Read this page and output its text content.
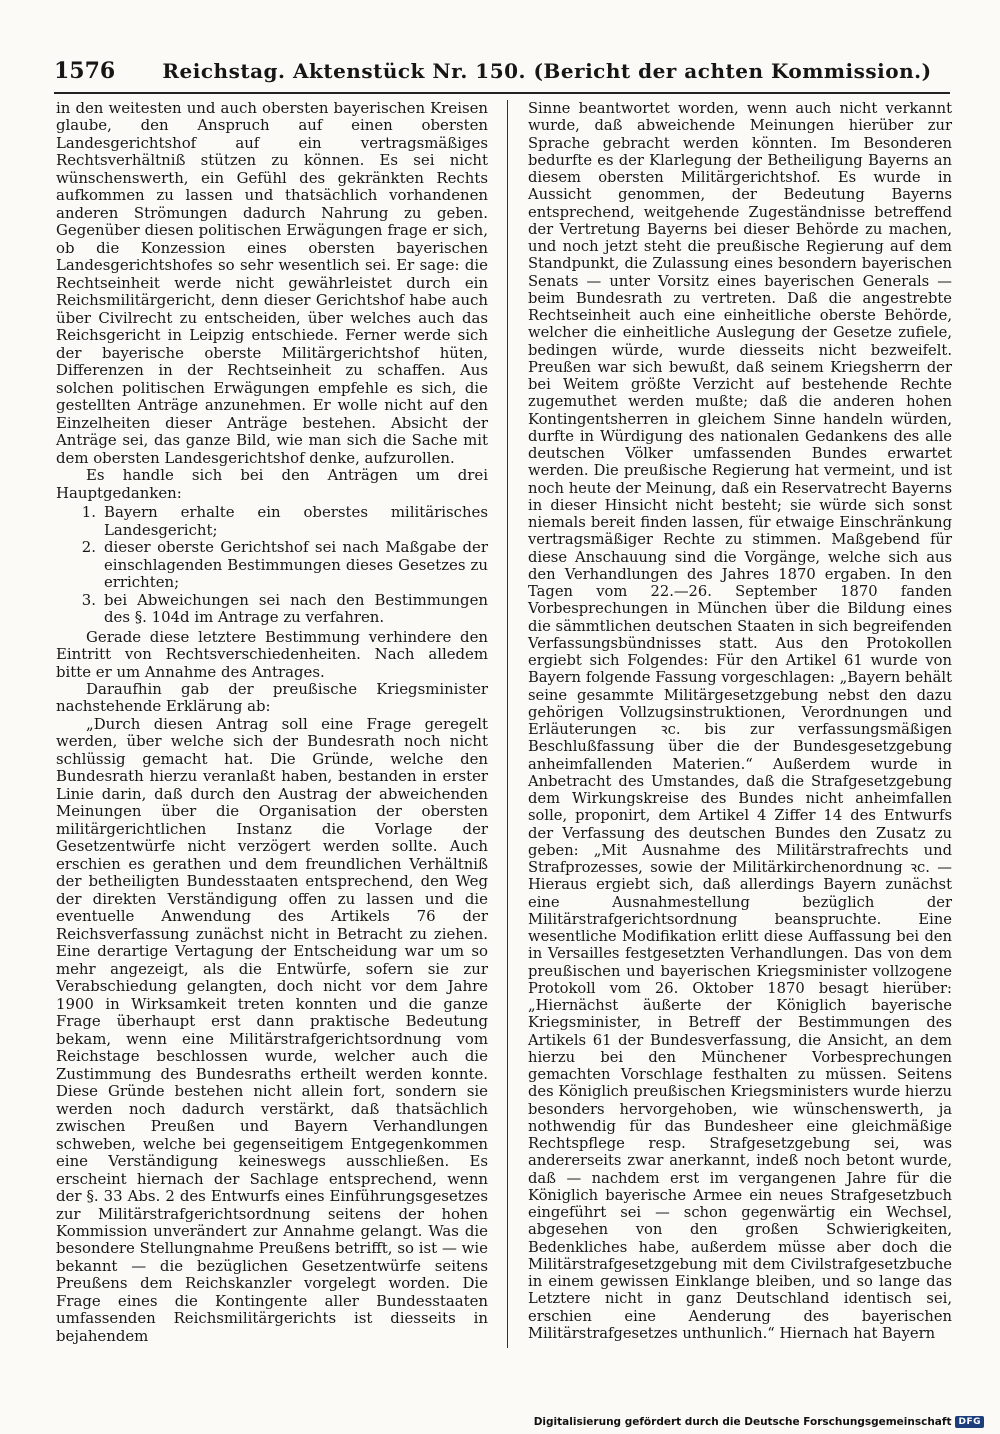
1576	Reichstag. Aktenstück Nr. 150. (Bericht der achten Kommission.)

in den weitesten und auch obersten bayerischen Kreisen glaube, den Anspruch auf einen obersten Landesgerichtshof auf ein vertragsmäßiges Rechtsverhältniß stützen zu können. Es sei nicht wünschenswerth, ein Gefühl des gekränkten Rechts aufkommen zu lassen und thatsächlich vorhandenen anderen Strömungen dadurch Nahrung zu geben. Gegenüber diesen politischen Erwägungen frage er sich, ob die Konzession eines obersten bayerischen Landesgerichtshofes so sehr wesentlich sei. Er sage: die Rechtseinheit werde nicht gewährleistet durch ein Reichsmilitärgericht, denn dieser Gerichtshof habe auch über Civilrecht zu entscheiden, über welches auch das Reichsgericht in Leipzig entschiede. Ferner werde sich der bayerische oberste Militärgerichtshof hüten, Differenzen in der Rechtseinheit zu schaffen. Aus solchen politischen Erwägungen empfehle es sich, die gestellten Anträge anzunehmen. Er wolle nicht auf den Einzelheiten dieser Anträge bestehen. Absicht der Anträge sei, das ganze Bild, wie man sich die Sache mit dem obersten Landesgerichtshof denke, aufzurollen.

Es handle sich bei den Anträgen um drei Hauptgedanken:

1. Bayern erhalte ein oberstes militärisches Landesgericht;
2. dieser oberste Gerichtshof sei nach Maßgabe der einschlagenden Bestimmungen dieses Gesetzes zu errichten;
3. bei Abweichungen sei nach den Bestimmungen des §. 104d im Antrage zu verfahren.

Gerade diese letztere Bestimmung verhindere den Eintritt von Rechtsverschiedenheiten. Nach alledem bitte er um Annahme des Antrages.

Daraufhin gab der preußische Kriegsminister nachstehende Erklärung ab:

„Durch diesen Antrag soll eine Frage geregelt werden, über welche sich der Bundesrath noch nicht schlüssig gemacht hat. Die Gründe, welche den Bundesrath hierzu veranlaßt haben, bestanden in erster Linie darin, daß durch den Austrag der abweichenden Meinungen über die Organisation der obersten militärgerichtlichen Instanz die Vorlage der Gesetzentwürfe nicht verzögert werden sollte. Auch erschien es gerathen und dem freundlichen Verhältniß der betheiligten Bundesstaaten entsprechend, den Weg der direkten Verständigung offen zu lassen und die eventuelle Anwendung des Artikels 76 der Reichsverfassung zunächst nicht in Betracht zu ziehen. Eine derartige Vertagung der Entscheidung war um so mehr angezeigt, als die Entwürfe, sofern sie zur Verabschiedung gelangten, doch nicht vor dem Jahre 1900 in Wirksamkeit treten konnten und die ganze Frage überhaupt erst dann praktische Bedeutung bekam, wenn eine Militärstrafgerichtsordnung vom Reichstage beschlossen wurde, welcher auch die Zustimmung des Bundesraths ertheilt werden konnte. Diese Gründe bestehen nicht allein fort, sondern sie werden noch dadurch verstärkt, daß thatsächlich zwischen Preußen und Bayern Verhandlungen schweben, welche bei gegenseitigem Entgegenkommen eine Verständigung keineswegs ausschließen. Es erscheint hiernach der Sachlage entsprechend, wenn der §. 33 Abs. 2 des Entwurfs eines Einführungsgesetzes zur Militärstrafgerichtsordnung seitens der hohen Kommission unverändert zur Annahme gelangt. Was die besondere Stellungnahme Preußens betrifft, so ist — wie bekannt — die bezüglichen Gesetzentwürfe seitens Preußens dem Reichskanzler vorgelegt worden. Die Frage eines die Kontingente aller Bundesstaaten umfassenden Reichsmilitärgerichts ist diesseits in bejahendem

Sinne beantwortet worden, wenn auch nicht verkannt wurde, daß abweichende Meinungen hierüber zur Sprache gebracht werden könnten. Im Besonderen bedurfte es der Klarlegung der Betheiligung Bayerns an diesem obersten Militärgerichtshof. Es wurde in Aussicht genommen, der Bedeutung Bayerns entsprechend, weitgehende Zugeständnisse betreffend der Vertretung Bayerns bei dieser Behörde zu machen, und noch jetzt steht die preußische Regierung auf dem Standpunkt, die Zulassung eines besondern bayerischen Senats — unter Vorsitz eines bayerischen Generals — beim Bundesrath zu vertreten. Daß die angestrebte Rechtseinheit auch eine einheitliche oberste Behörde, welcher die einheitliche Auslegung der Gesetze zufiele, bedingen würde, wurde diesseits nicht bezweifelt. Preußen war sich bewußt, daß seinem Kriegsherrn der bei Weitem größte Verzicht auf bestehende Rechte zugemuthet werden mußte; daß die anderen hohen Kontingentsherren in gleichem Sinne handeln würden, durfte in Würdigung des nationalen Gedankens des alle deutschen Völker umfassenden Bundes erwartet werden. Die preußische Regierung hat vermeint, und ist noch heute der Meinung, daß ein Reservatrecht Bayerns in dieser Hinsicht nicht besteht; sie würde sich sonst niemals bereit finden lassen, für etwaige Einschränkung vertragsmäßiger Rechte zu stimmen. Maßgebend für diese Anschauung sind die Vorgänge, welche sich aus den Verhandlungen des Jahres 1870 ergaben. In den Tagen vom 22.—26. September 1870 fanden Vorbesprechungen in München über die Bildung eines die sämmtlichen deutschen Staaten in sich begreifenden Verfassungsbündnisses statt. Aus den Protokollen ergiebt sich Folgendes: Für den Artikel 61 wurde von Bayern folgende Fassung vorgeschlagen: „Bayern behält seine gesammte Militärgesetzgebung nebst den dazu gehörigen Vollzugsinstruktionen, Verordnungen und Erläuterungen ꝛc. bis zur verfassungsmäßigen Beschlußfassung über die der Bundesgesetzgebung anheimfallenden Materien.“ Außerdem wurde in Anbetracht des Umstandes, daß die Strafgesetzgebung dem Wirkungskreise des Bundes nicht anheimfallen solle, proponirt, dem Artikel 4 Ziffer 14 des Entwurfs der Verfassung des deutschen Bundes den Zusatz zu geben: „Mit Ausnahme des Militärstrafrechts und Strafprozesses, sowie der Militärkirchenordnung ꝛc. — Hieraus ergiebt sich, daß allerdings Bayern zunächst eine Ausnahmestellung bezüglich der Militärstrafgerichtsordnung beanspruchte. Eine wesentliche Modifikation erlitt diese Auffassung bei den in Versailles festgesetzten Verhandlungen. Das von dem preußischen und bayerischen Kriegsminister vollzogene Protokoll vom 26. Oktober 1870 besagt hierüber: „Hiernächst äußerte der Königlich bayerische Kriegsminister, in Betreff der Bestimmungen des Artikels 61 der Bundesverfassung, die Ansicht, an dem hierzu bei den Münchener Vorbesprechungen gemachten Vorschlage festhalten zu müssen. Seitens des Königlich preußischen Kriegsministers wurde hierzu besonders hervorgehoben, wie wünschenswerth, ja nothwendig für das Bundesheer eine gleichmäßige Rechtspflege resp. Strafgesetzgebung sei, was andererseits zwar anerkannt, indeß noch betont wurde, daß — nachdem erst im vergangenen Jahre für die Königlich bayerische Armee ein neues Strafgesetzbuch eingeführt sei — schon gegenwärtig ein Wechsel, abgesehen von den großen Schwierigkeiten, Bedenkliches habe, außerdem müsse aber doch die Militärstrafgesetzgebung mit dem Civilstrafgesetzbuche in einem gewissen Einklange bleiben, und so lange das Letztere nicht in ganz Deutschland identisch sei, erschien eine Aenderung des bayerischen Militärstrafgesetzes unthunlich.“ Hiernach hat Bayern

Digitalisierung gefördert durch die Deutsche Forschungsgemeinschaft DFG
